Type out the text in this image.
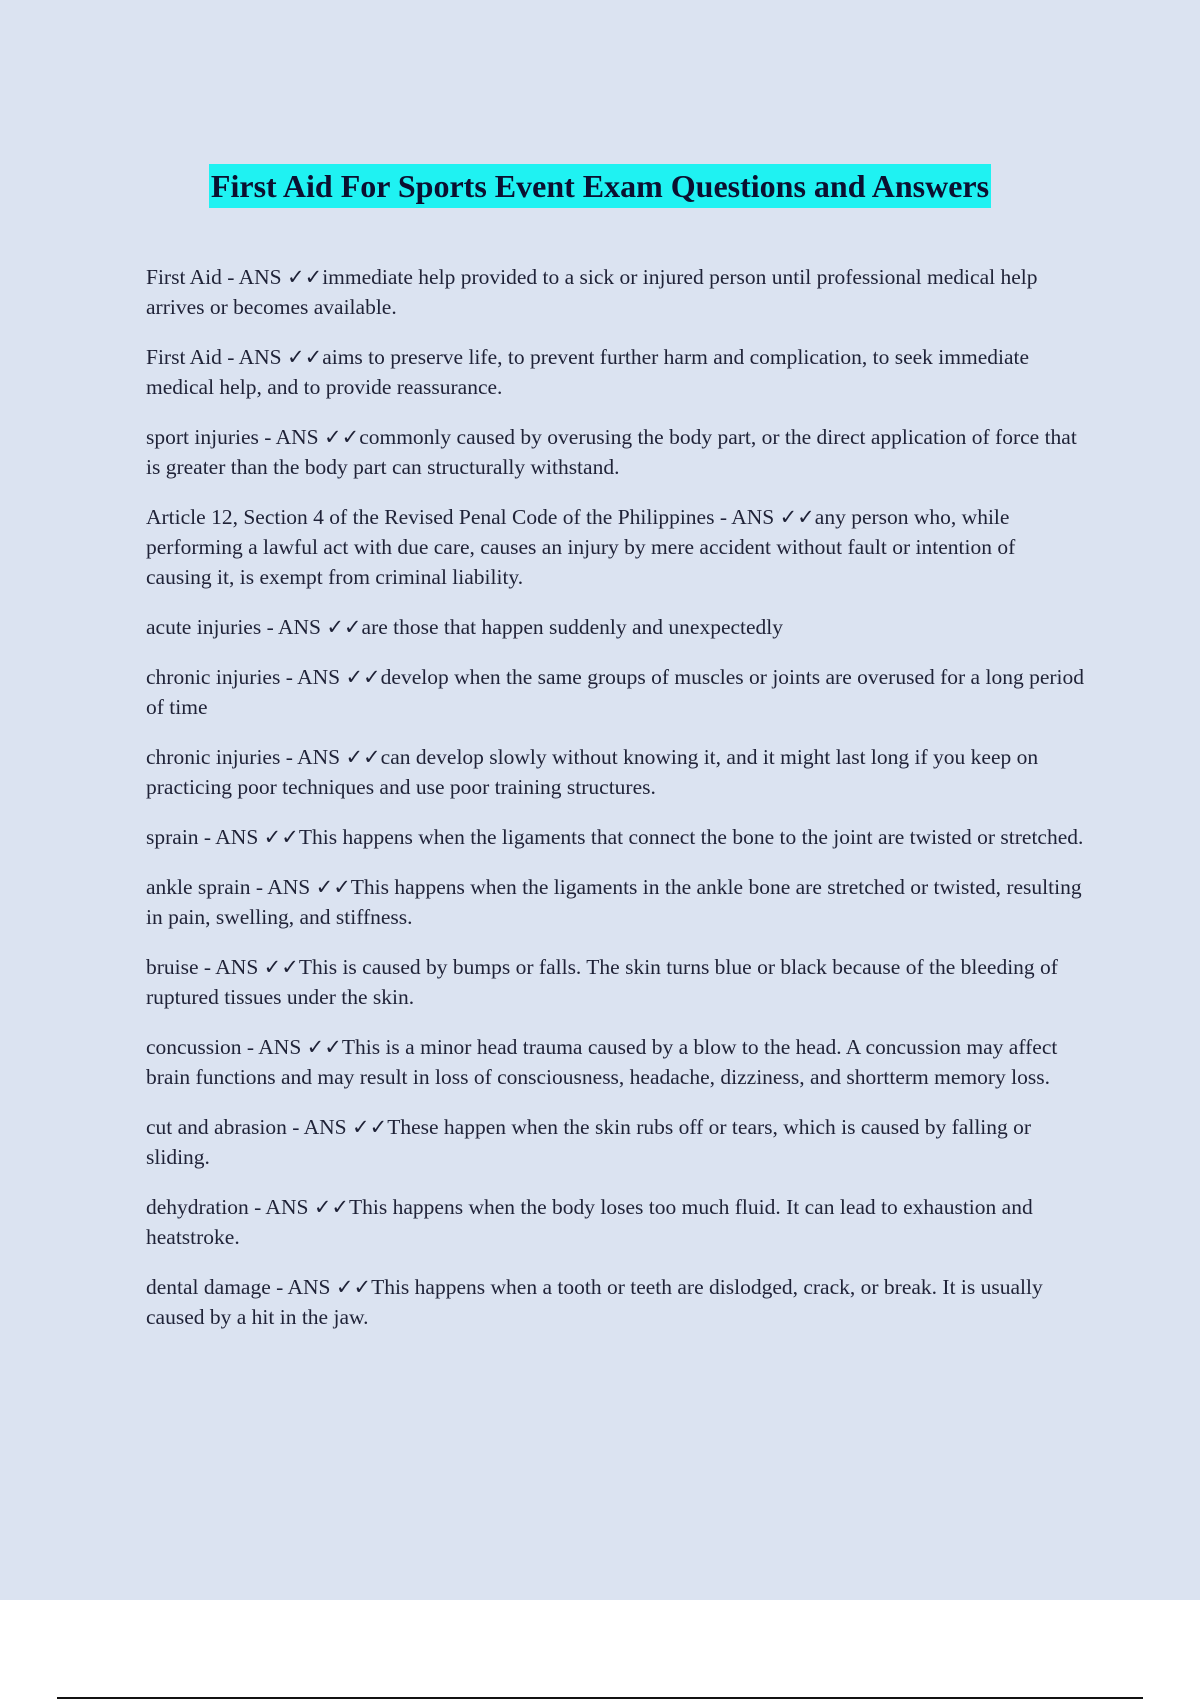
First Aid For Sports Event Exam Questions and Answers
First Aid - ANS ✓✓immediate help provided to a sick or injured person until professional medical help arrives or becomes available.
First Aid - ANS ✓✓aims to preserve life, to prevent further harm and complication, to seek immediate medical help, and to provide reassurance.
sport injuries - ANS ✓✓commonly caused by overusing the body part, or the direct application of force that is greater than the body part can structurally withstand.
Article 12, Section 4 of the Revised Penal Code of the Philippines - ANS ✓✓any person who, while performing a lawful act with due care, causes an injury by mere accident without fault or intention of causing it, is exempt from criminal liability.
acute injuries - ANS ✓✓are those that happen suddenly and unexpectedly
chronic injuries - ANS ✓✓develop when the same groups of muscles or joints are overused for a long period of time
chronic injuries - ANS ✓✓can develop slowly without knowing it, and it might last long if you keep on practicing poor techniques and use poor training structures.
sprain - ANS ✓✓This happens when the ligaments that connect the bone to the joint are twisted or stretched.
ankle sprain - ANS ✓✓This happens when the ligaments in the ankle bone are stretched or twisted, resulting in pain, swelling, and stiffness.
bruise - ANS ✓✓This is caused by bumps or falls. The skin turns blue or black because of the bleeding of ruptured tissues under the skin.
concussion - ANS ✓✓This is a minor head trauma caused by a blow to the head. A concussion may affect brain functions and may result in loss of consciousness, headache, dizziness, and shortterm memory loss.
cut and abrasion - ANS ✓✓These happen when the skin rubs off or tears, which is caused by falling or sliding.
dehydration - ANS ✓✓This happens when the body loses too much fluid. It can lead to exhaustion and heatstroke.
dental damage - ANS ✓✓This happens when a tooth or teeth are dislodged, crack, or break. It is usually caused by a hit in the jaw.
